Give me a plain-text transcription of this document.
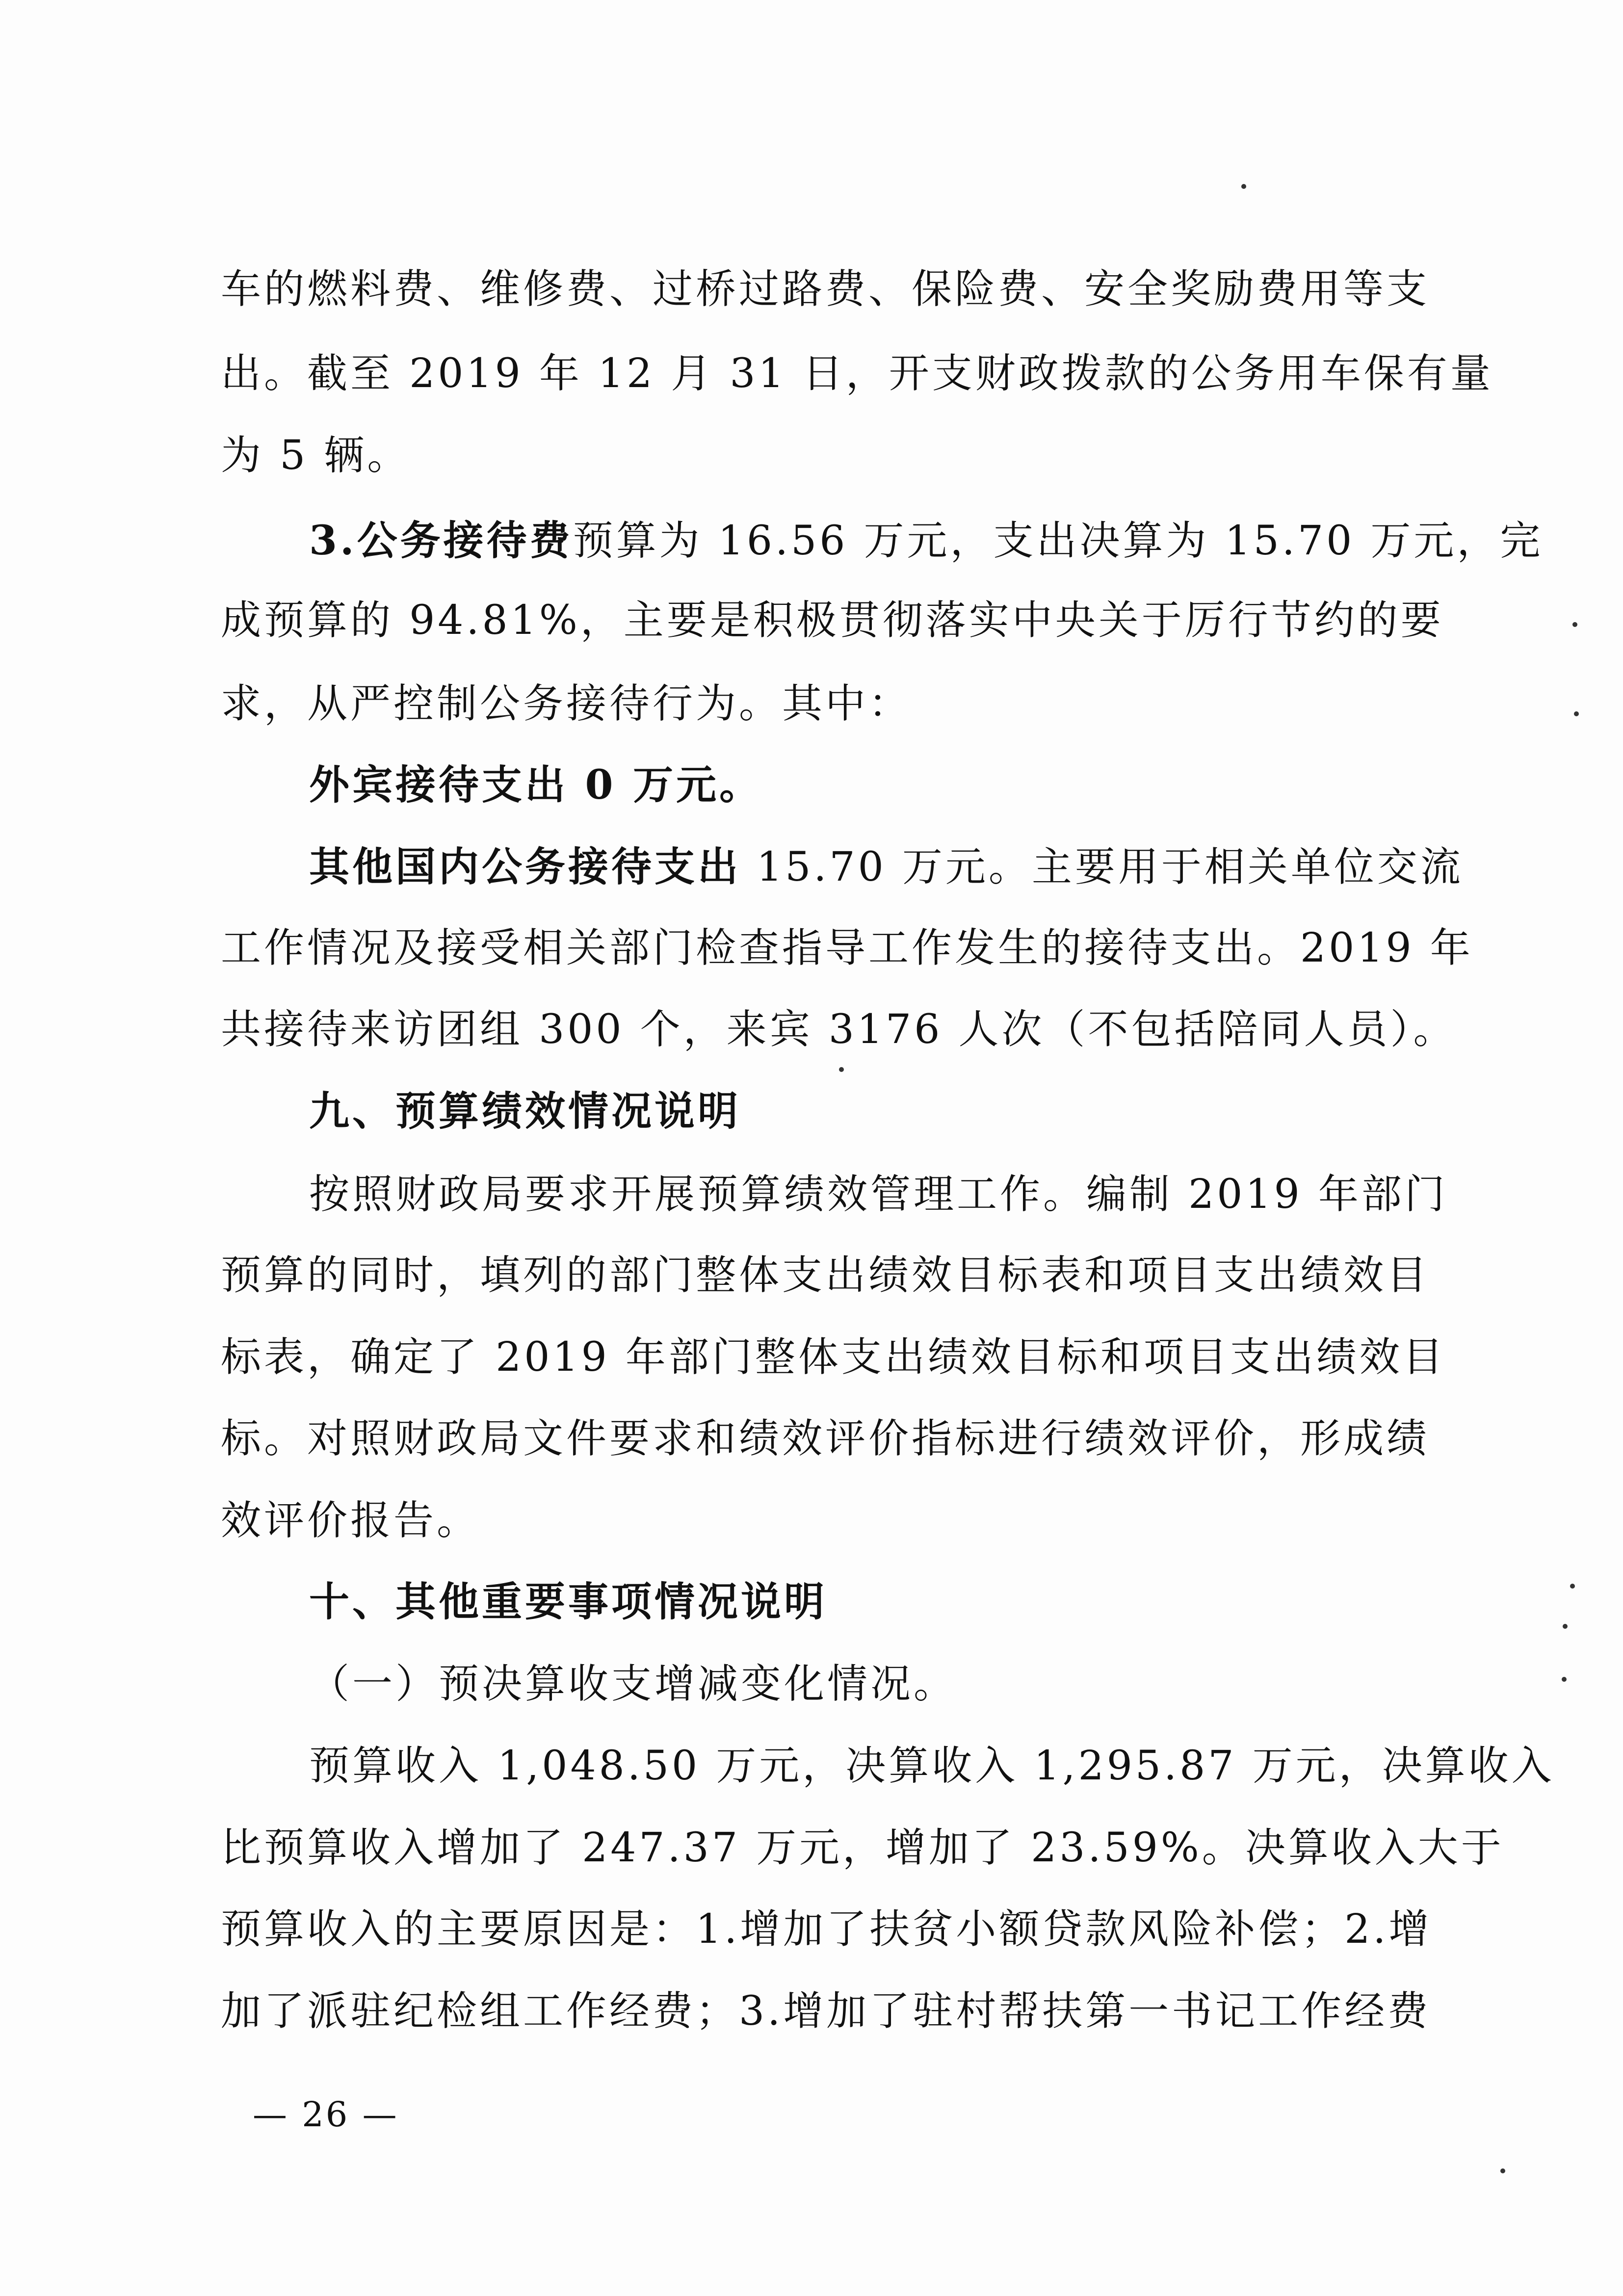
车的燃料费、维修费、过桥过路费、保险费、安全奖励费用等支
出。截至 2019 年 12 月 31 日，开支财政拨款的公务用车保有量
为 5 辆。
3.公务接待费预算为 16.56 万元，支出决算为 15.70 万元，完
成预算的 94.81%，主要是积极贯彻落实中央关于厉行节约的要
求，从严控制公务接待行为。其中：
外宾接待支出 0 万元。
其他国内公务接待支出 15.70 万元。主要用于相关单位交流
工作情况及接受相关部门检查指导工作发生的接待支出。2019 年
共接待来访团组 300 个，来宾 3176 人次（不包括陪同人员）。
九、预算绩效情况说明
按照财政局要求开展预算绩效管理工作。编制 2019 年部门
预算的同时，填列的部门整体支出绩效目标表和项目支出绩效目
标表，确定了 2019 年部门整体支出绩效目标和项目支出绩效目
标。对照财政局文件要求和绩效评价指标进行绩效评价，形成绩
效评价报告。
十、其他重要事项情况说明
（一）预决算收支增减变化情况。
预算收入 1,048.50 万元，决算收入 1,295.87 万元，决算收入
比预算收入增加了 247.37 万元，增加了 23.59%。决算收入大于
预算收入的主要原因是：1.增加了扶贫小额贷款风险补偿；2.增
加了派驻纪检组工作经费；3.增加了驻村帮扶第一书记工作经费
— 26 —
